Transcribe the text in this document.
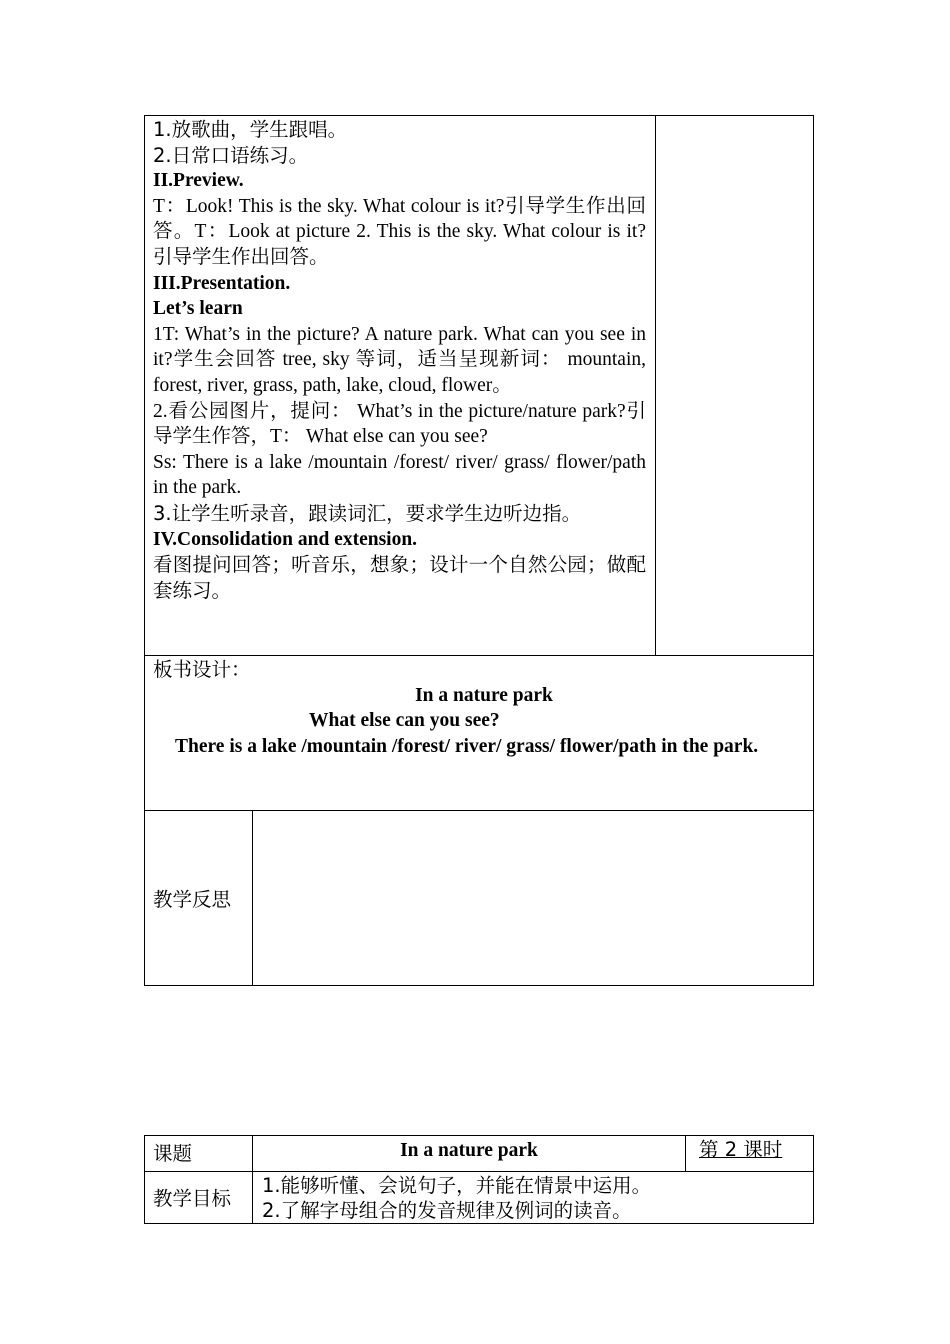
1.放歌曲，学生跟唱。
2.日常口语练习。
II.Preview.
T：Look! This is the sky. What colour is it?引导学生作出回答。T：Look at picture 2. This is the sky. What colour is it?引导学生作出回答。
III.Presentation.
Let’s learn
1T: What’s in the picture? A nature park. What can you see in it?学生会回答 tree, sky 等词，适当呈现新词： mountain, forest, river, grass, path, lake, cloud, flower。
2.看公园图片，提问： What’s in the picture/nature park?引导学生作答，T： What else can you see?
Ss: There is a lake /mountain /forest/ river/ grass/ flower/path in the park.
3.让学生听录音，跟读词汇，要求学生边听边指。
IV.Consolidation and extension.
看图提问回答；听音乐，想象；设计一个自然公园；做配套练习。
板书设计：
In a nature park
What else can you see?
There is a lake /mountain /forest/ river/ grass/ flower/path in the park.
教学反思
课题	In a nature park	第 2 课时
教学目标
1.能够听懂、会说句子，并能在情景中运用。
2.了解字母组合的发音规律及例词的读音。
